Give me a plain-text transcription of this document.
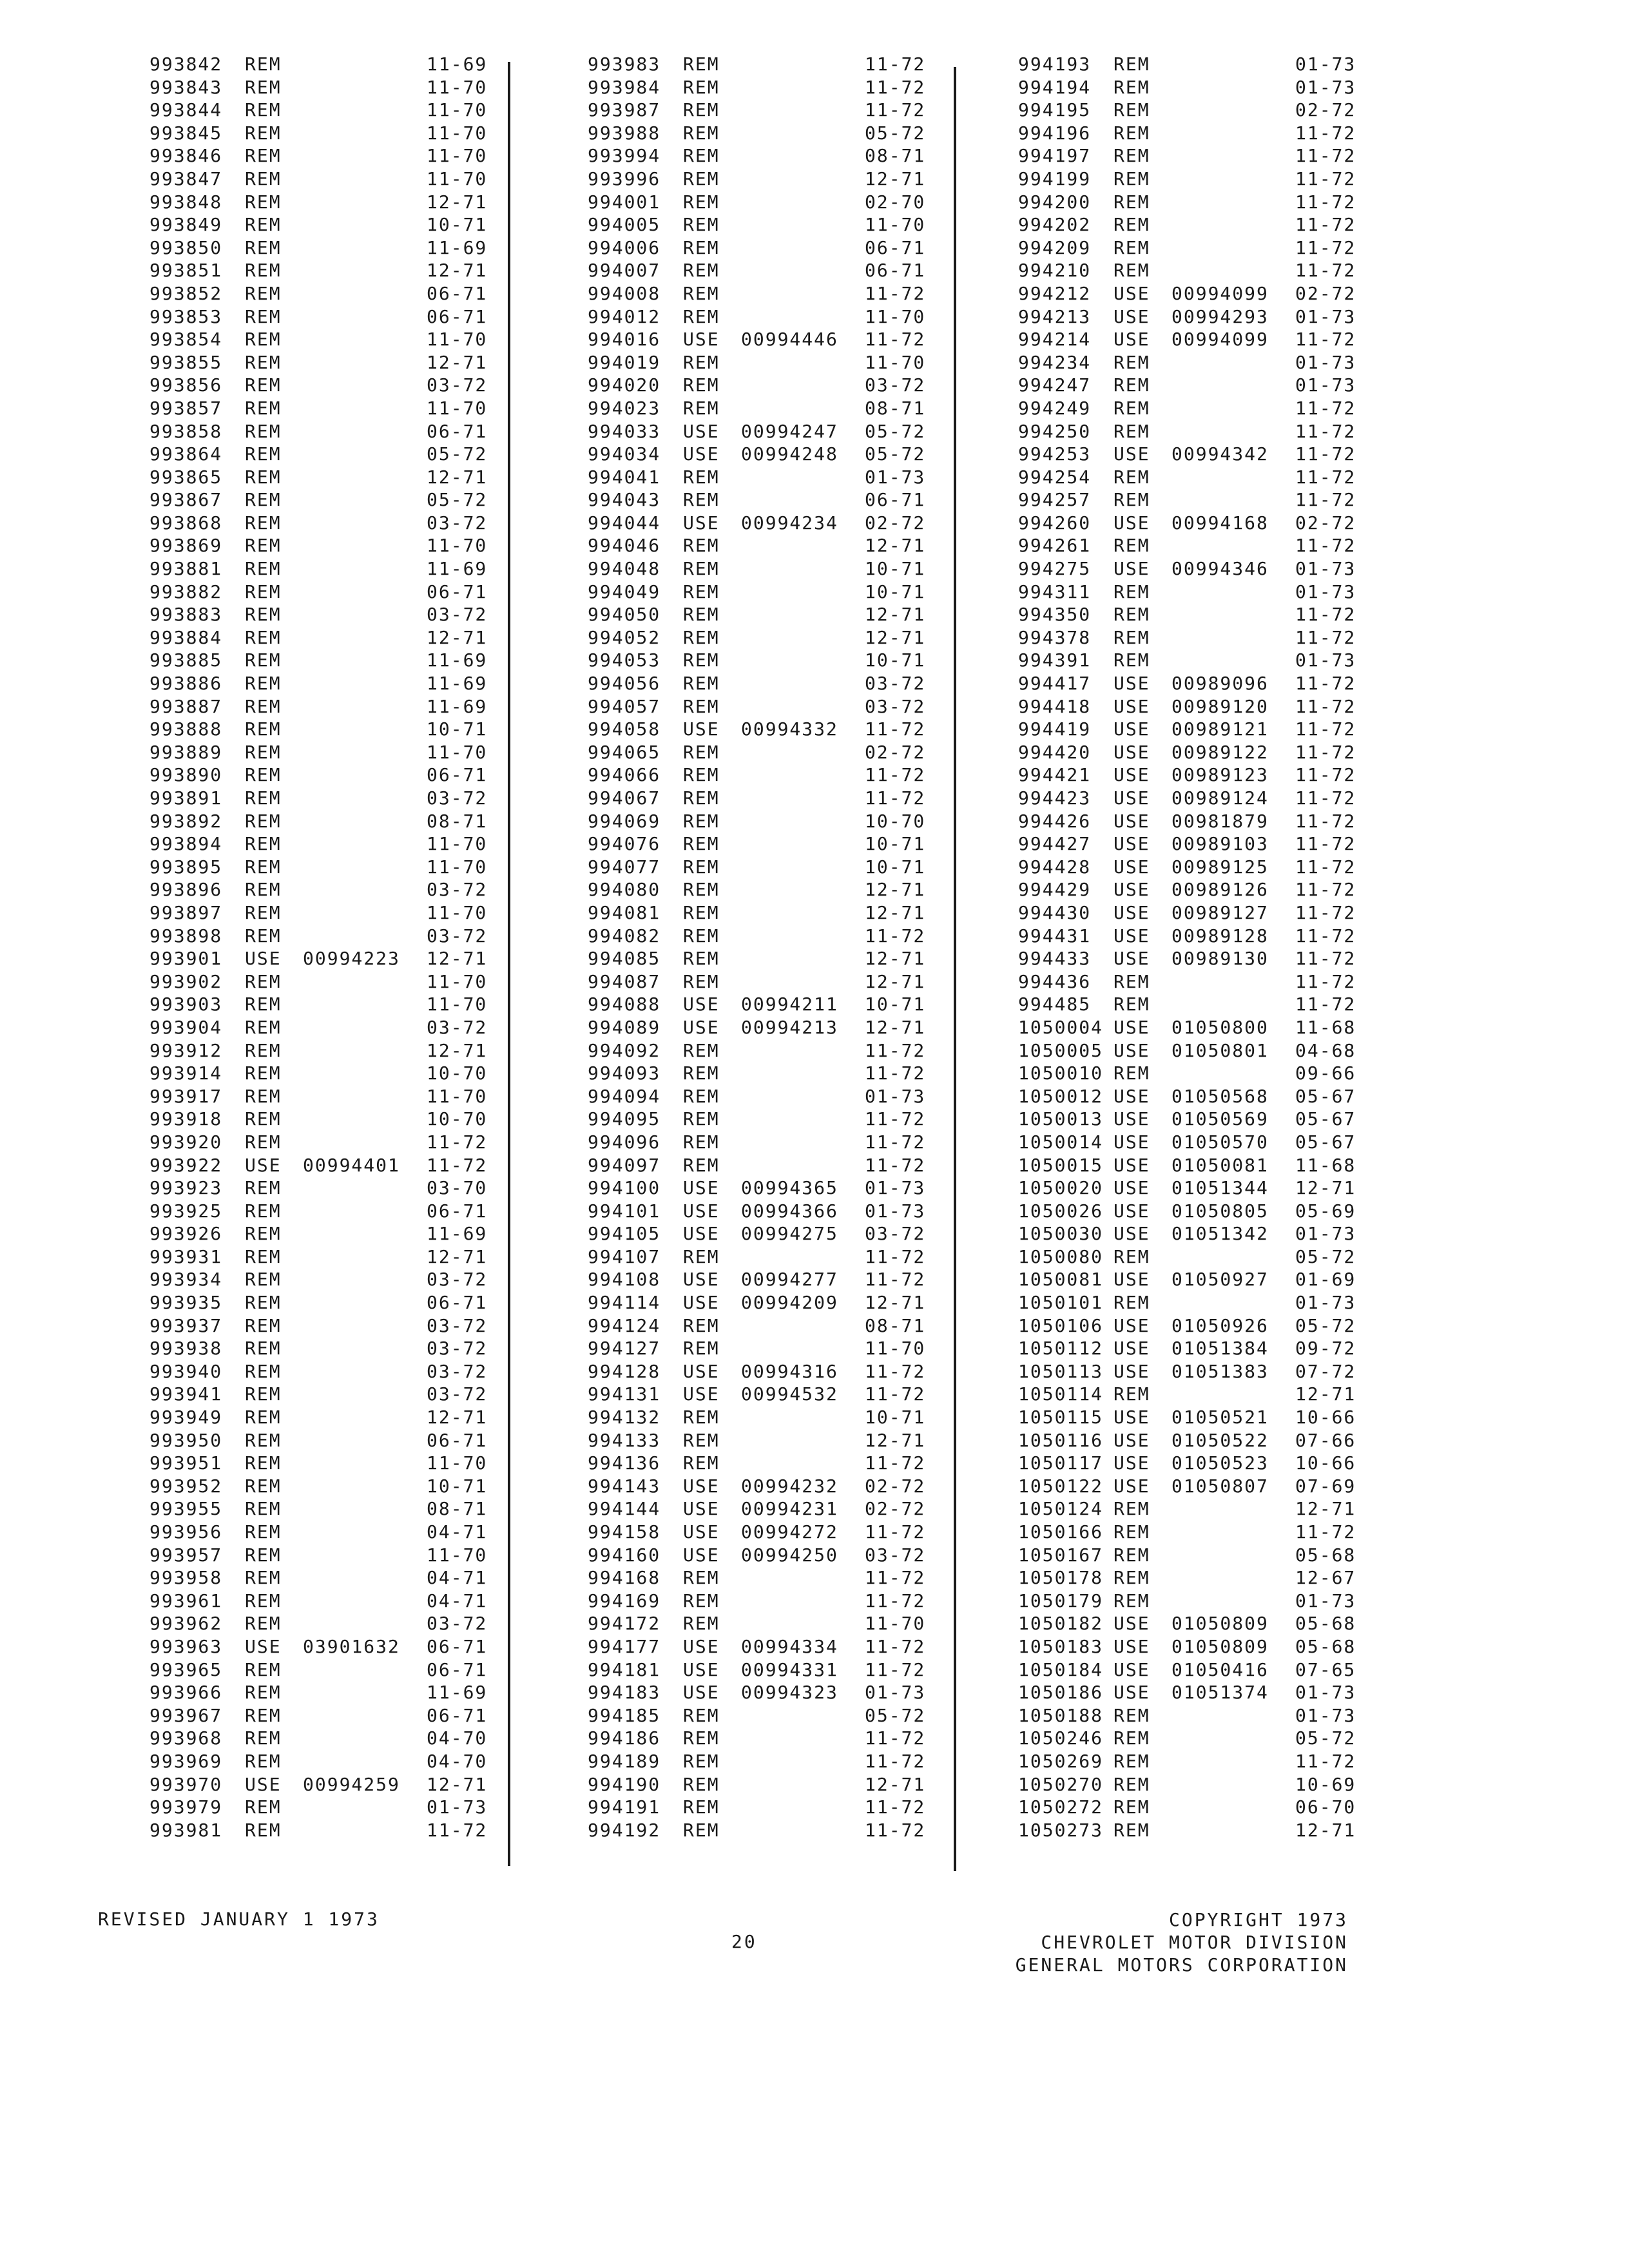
993842 REM	11-69
993843 REM	11-70
993844 REM	11-70
993845 REM	11-70
993846 REM	11-70
993847 REM	11-70
993848 REM	12-71
993849 REM	10-71
993850 REM	11-69
993851 REM	12-71
993852 REM	06-71
993853 REM	06-71
993854 REM	11-70
993855 REM	12-71
993856 REM	03-72
993857 REM	11-70
993858 REM	06-71
993864 REM	05-72
993865 REM	12-71
993867 REM	05-72
993868 REM	03-72
993869 REM	11-70
993881 REM	11-69
993882 REM	06-71
993883 REM	03-72
993884 REM	12-71
993885 REM	11-69
993886 REM	11-69
993887 REM	11-69
993888 REM	10-71
993889 REM	11-70
993890 REM	06-71
993891 REM	03-72
993892 REM	08-71
993894 REM	11-70
993895 REM	11-70
993896 REM	03-72
993897 REM	11-70
993898 REM	03-72
993901 USE 00994223 12-71
993902 REM	11-70
993903 REM	11-70
993904 REM	03-72
993912 REM	12-71
993914 REM	10-70
993917 REM	11-70
993918 REM	10-70
993920 REM	11-72
993922 USE 00994401 11-72
993923 REM	03-70
993925 REM	06-71
993926 REM	11-69
993931 REM	12-71
993934 REM	03-72
993935 REM	06-71
993937 REM	03-72
993938 REM	03-72
993940 REM	03-72
993941 REM	03-72
993949 REM	12-71
993950 REM	06-71
993951 REM	11-70
993952 REM	10-71
993955 REM	08-71
993956 REM	04-71
993957 REM	11-70
993958 REM	04-71
993961 REM	04-71
993962 REM	03-72
993963 USE 03901632 06-71
993965 REM	06-71
993966 REM	11-69
993967 REM	06-71
993968 REM	04-70
993969 REM	04-70
993970 USE 00994259 12-71
993979 REM	01-73
993981 REM	11-72
993983 REM	11-72
993984 REM	11-72
993987 REM	11-72
993988 REM	05-72
993994 REM	08-71
993996 REM	12-71
994001 REM	02-70
994005 REM	11-70
994006 REM	06-71
994007 REM	06-71
994008 REM	11-72
994012 REM	11-70
994016 USE 00994446 11-72
994019 REM	11-70
994020 REM	03-72
994023 REM	08-71
994033 USE 00994247 05-72
994034 USE 00994248 05-72
994041 REM	01-73
994043 REM	06-71
994044 USE 00994234 02-72
994046 REM	12-71
994048 REM	10-71
994049 REM	10-71
994050 REM	12-71
994052 REM	12-71
994053 REM	10-71
994056 REM	03-72
994057 REM	03-72
994058 USE 00994332 11-72
994065 REM	02-72
994066 REM	11-72
994067 REM	11-72
994069 REM	10-70
994076 REM	10-71
994077 REM	10-71
994080 REM	12-71
994081 REM	12-71
994082 REM	11-72
994085 REM	12-71
994087 REM	12-71
994088 USE 00994211 10-71
994089 USE 00994213 12-71
994092 REM	11-72
994093 REM	11-72
994094 REM	01-73
994095 REM	11-72
994096 REM	11-72
994097 REM	11-72
994100 USE 00994365 01-73
994101 USE 00994366 01-73
994105 USE 00994275 03-72
994107 REM	11-72
994108 USE 00994277 11-72
994114 USE 00994209 12-71
994124 REM	08-71
994127 REM	11-70
994128 USE 00994316 11-72
994131 USE 00994532 11-72
994132 REM	10-71
994133 REM	12-71
994136 REM	11-72
994143 USE 00994232 02-72
994144 USE 00994231 02-72
994158 USE 00994272 11-72
994160 USE 00994250 03-72
994168 REM	11-72
994169 REM	11-72
994172 REM	11-70
994177 USE 00994334 11-72
994181 USE 00994331 11-72
994183 USE 00994323 01-73
994185 REM	05-72
994186 REM	11-72
994189 REM	11-72
994190 REM	12-71
994191 REM	11-72
994192 REM	11-72
994193 REM	01-73
994194 REM	01-73
994195 REM	02-72
994196 REM	11-72
994197 REM	11-72
994199 REM	11-72
994200 REM	11-72
994202 REM	11-72
994209 REM	11-72
994210 REM	11-72
994212 USE 00994099 02-72
994213 USE 00994293 01-73
994214 USE 00994099 11-72
994234 REM	01-73
994247 REM	01-73
994249 REM	11-72
994250 REM	11-72
994253 USE 00994342 11-72
994254 REM	11-72
994257 REM	11-72
994260 USE 00994168 02-72
994261 REM	11-72
994275 USE 00994346 01-73
994311 REM	01-73
994350 REM	11-72
994378 REM	11-72
994391 REM	01-73
994417 USE 00989096 11-72
994418 USE 00989120 11-72
994419 USE 00989121 11-72
994420 USE 00989122 11-72
994421 USE 00989123 11-72
994423 USE 00989124 11-72
994426 USE 00981879 11-72
994427 USE 00989103 11-72
994428 USE 00989125 11-72
994429 USE 00989126 11-72
994430 USE 00989127 11-72
994431 USE 00989128 11-72
994433 USE 00989130 11-72
994436 REM	11-72
994485 REM	11-72
1050004 USE 01050800 11-68
1050005 USE 01050801 04-68
1050010 REM	09-66
1050012 USE 01050568 05-67
1050013 USE 01050569 05-67
1050014 USE 01050570 05-67
1050015 USE 01050081 11-68
1050020 USE 01051344 12-71
1050026 USE 01050805 05-69
1050030 USE 01051342 01-73
1050080 REM	05-72
1050081 USE 01050927 01-69
1050101 REM	01-73
1050106 USE 01050926 05-72
1050112 USE 01051384 09-72
1050113 USE 01051383 07-72
1050114 REM	12-71
1050115 USE 01050521 10-66
1050116 USE 01050522 07-66
1050117 USE 01050523 10-66
1050122 USE 01050807 07-69
1050124 REM	12-71
1050166 REM	11-72
1050167 REM	05-68
1050178 REM	12-67
1050179 REM	01-73
1050182 USE 01050809 05-68
1050183 USE 01050809 05-68
1050184 USE 01050416 07-65
1050186 USE 01051374 01-73
1050188 REM	01-73
1050246 REM	05-72
1050269 REM	11-72
1050270 REM	10-69
1050272 REM	06-70
1050273 REM	12-71
REVISED JANUARY 1 1973
20
COPYRIGHT 1973
CHEVROLET MOTOR DIVISION
GENERAL MOTORS CORPORATION
